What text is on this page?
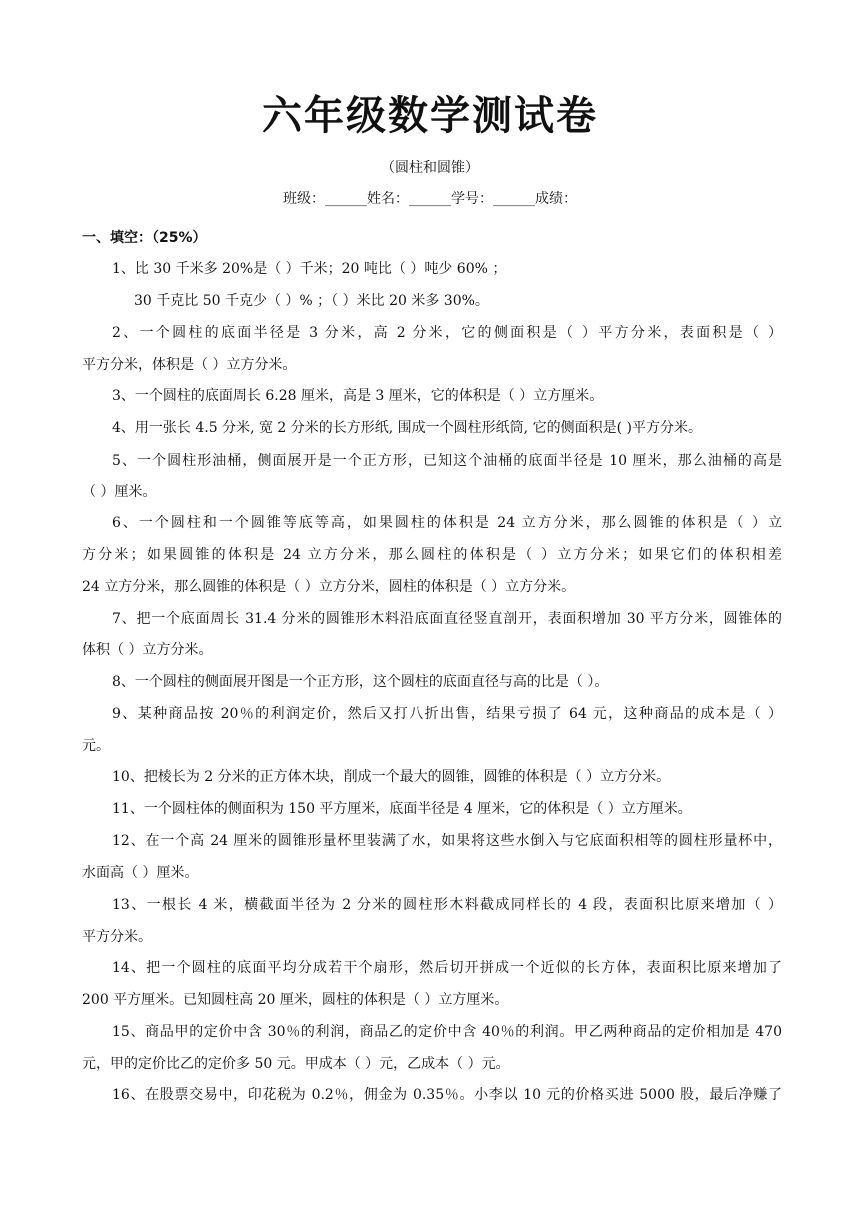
六年级数学测试卷
（圆柱和圆锥）
班级：______姓名：______学号：______成绩：
一、填空：（25%）
1、比 30 千米多 20%是（ ）千米；20 吨比（ ）吨少 60% ；
30 千克比 50 千克少（ ）% ；（ ）米比 20 米多 30%。
2、一个圆柱的底面半径是 3 分米，高 2 分米，它的侧面积是（ ）平方分米，表面积是（ ）
平方分米，体积是（ ）立方分米。
3、一个圆柱的底面周长 6.28 厘米，高是 3 厘米，它的体积是（ ）立方厘米。
4、用一张长 4.5 分米, 宽 2 分米的长方形纸, 围成一个圆柱形纸筒, 它的侧面积是( )平方分米。
5、一个圆柱形油桶，侧面展开是一个正方形，已知这个油桶的底面半径是 10 厘米，那么油桶的高是
（ ）厘米。
6、一个圆柱和一个圆锥等底等高，如果圆柱的体积是 24 立方分米，那么圆锥的体积是（ ）立
方分米；如果圆锥的体积是 24 立方分米，那么圆柱的体积是（ ）立方分米；如果它们的体积相差
24 立方分米，那么圆锥的体积是（ ）立方分米，圆柱的体积是（ ）立方分米。
7、把一个底面周长 31.4 分米的圆锥形木料沿底面直径竖直剖开，表面积增加 30 平方分米，圆锥体的
体积（ ）立方分米。
8、一个圆柱的侧面展开图是一个正方形，这个圆柱的底面直径与高的比是（ ）。
9、某种商品按 20％的利润定价，然后又打八折出售，结果亏损了 64 元，这种商品的成本是（ ）
元。
10、把棱长为 2 分米的正方体木块，削成一个最大的圆锥，圆锥的体积是（ ）立方分米。
11、一个圆柱体的侧面积为 150 平方厘米，底面半径是 4 厘米，它的体积是（ ）立方厘米。
12、在一个高 24 厘米的圆锥形量杯里装满了水，如果将这些水倒入与它底面积相等的圆柱形量杯中，
水面高（ ）厘米。
13、一根长 4 米，横截面半径为 2 分米的圆柱形木料截成同样长的 4 段，表面积比原来增加（ ）
平方分米。
14、把一个圆柱的底面平均分成若干个扇形，然后切开拼成一个近似的长方体，表面积比原来增加了
200 平方厘米。已知圆柱高 20 厘米，圆柱的体积是（ ）立方厘米。
15、商品甲的定价中含 30％的利润，商品乙的定价中含 40％的利润。甲乙两种商品的定价相加是 470
元，甲的定价比乙的定价多 50 元。甲成本（ ）元，乙成本（ ）元。
16、在股票交易中，印花税为 0.2％，佣金为 0.35％。小李以 10 元的价格买进 5000 股，最后净赚了
